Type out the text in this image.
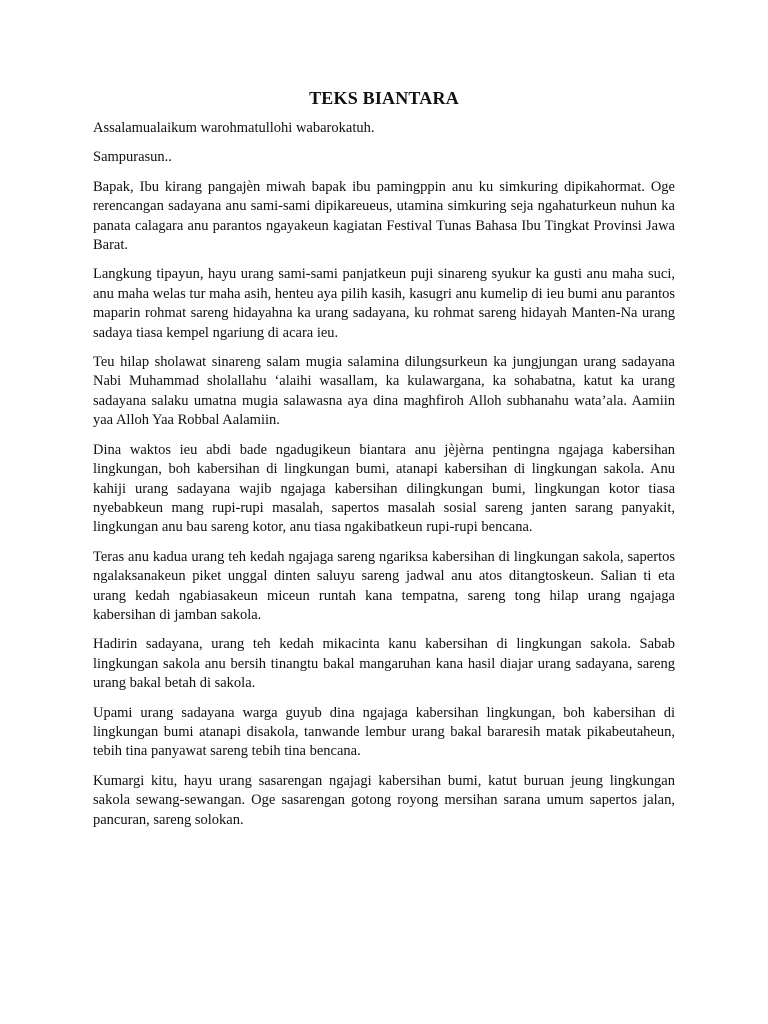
TEKS BIANTARA

Assalamualaikum warohmatullohi wabarokatuh.

Sampurasun..

Bapak, Ibu kirang pangajèn miwah bapak ibu pamingppin anu ku simkuring dipikahormat. Oge rerencangan sadayana anu sami-sami dipikareueus, utamina simkuring seja ngahaturkeun nuhun ka panata calagara anu parantos ngayakeun kagiatan Festival Tunas Bahasa Ibu Tingkat Provinsi Jawa Barat.

Langkung tipayun, hayu urang sami-sami panjatkeun puji sinareng syukur ka gusti anu maha suci, anu maha welas tur maha asih, henteu aya pilih kasih, kasugri anu kumelip di ieu bumi anu parantos maparin rohmat sareng hidayahna ka urang sadayana, ku rohmat sareng hidayah Manten-Na urang sadaya tiasa kempel ngariung di acara ieu.

Teu hilap sholawat sinareng salam mugia salamina dilungsurkeun ka jungjungan urang sadayana Nabi Muhammad sholallahu ‘alaihi wasallam, ka kulawargana, ka sohabatna, katut ka urang sadayana salaku umatna mugia salawasna aya dina maghfiroh Alloh subhanahu wata’ala. Aamiin yaa Alloh Yaa Robbal Aalamiin.

Dina waktos ieu abdi bade ngadugikeun biantara anu jèjèrna pentingna ngajaga kabersihan lingkungan, boh kabersihan di lingkungan bumi, atanapi kabersihan di lingkungan sakola. Anu kahiji urang sadayana wajib ngajaga kabersihan dilingkungan bumi, lingkungan kotor tiasa nyebabkeun mang rupi-rupi masalah, sapertos masalah sosial sareng janten sarang panyakit, lingkungan anu bau sareng kotor, anu tiasa ngakibatkeun rupi-rupi bencana.

Teras anu kadua urang teh kedah ngajaga sareng ngariksa kabersihan di lingkungan sakola, sapertos ngalaksanakeun piket unggal dinten saluyu sareng jadwal anu atos ditangtoskeun. Salian ti eta urang kedah ngabiasakeun miceun runtah kana tempatna, sareng tong hilap urang ngajaga kabersihan di jamban sakola.

Hadirin sadayana, urang teh kedah mikacinta kanu kabersihan di lingkungan sakola. Sabab lingkungan sakola anu bersih tinangtu bakal mangaruhan kana hasil diajar urang sadayana, sareng urang bakal betah di sakola.

Upami urang sadayana warga guyub dina ngajaga kabersihan lingkungan, boh kabersihan di lingkungan bumi atanapi disakola, tanwande lembur urang bakal bararesih matak pikabeutaheun, tebih tina panyawat sareng tebih tina bencana.

Kumargi kitu, hayu urang sasarengan ngajagi kabersihan bumi, katut buruan jeung lingkungan sakola sewang-sewangan. Oge sasarengan gotong royong mersihan sarana umum sapertos jalan, pancuran, sareng solokan.
